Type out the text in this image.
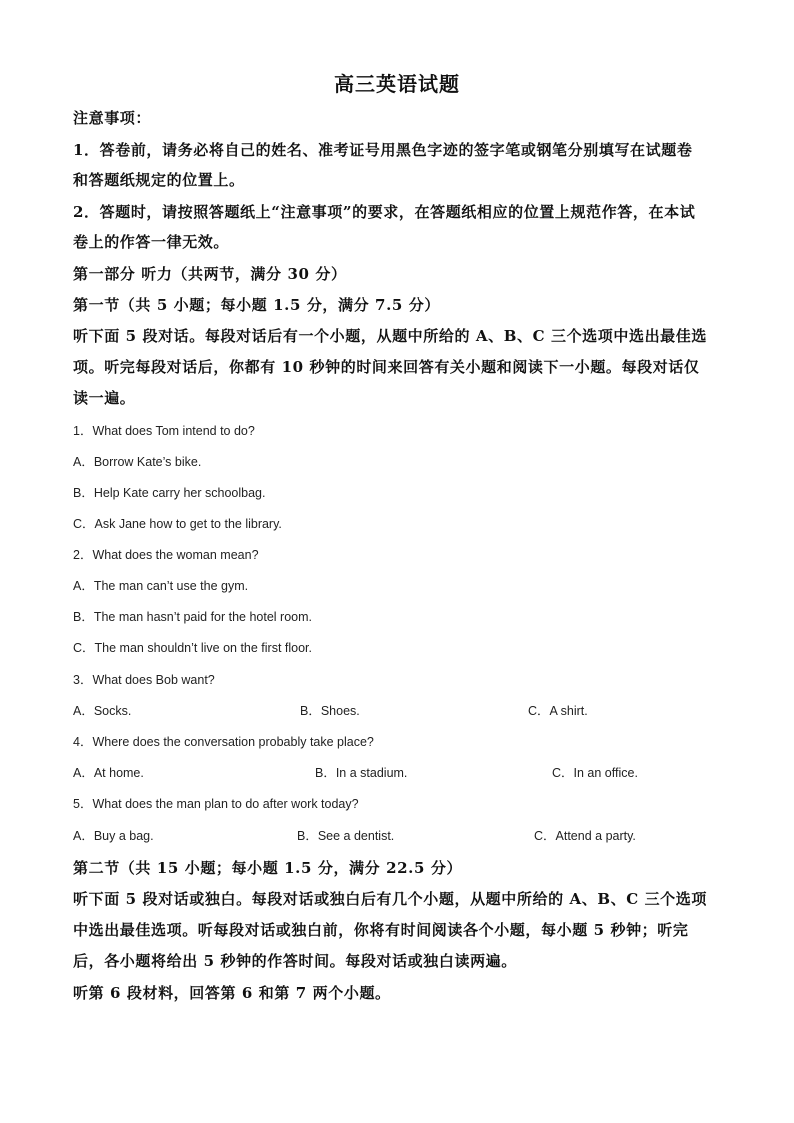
高三英语试题
注意事项：
1．答卷前，请务必将自己的姓名、准考证号用黑色字迹的签字笔或钢笔分别填写在试题卷
和答题纸规定的位置上。
2．答题时，请按照答题纸上“注意事项”的要求，在答题纸相应的位置上规范作答，在本试
卷上的作答一律无效。
第一部分 听力（共两节，满分 30 分）
第一节（共 5 小题；每小题 1.5 分，满分 7.5 分）
听下面 5 段对话。每段对话后有一个小题，从题中所给的 A、B、C 三个选项中选出最佳选
项。听完每段对话后，你都有 10 秒钟的时间来回答有关小题和阅读下一小题。每段对话仅
读一遍。
1．What does Tom intend to do?
A．Borrow Kate’s bike.
B．Help Kate carry her schoolbag.
C．Ask Jane how to get to the library.
2．What does the woman mean?
A．The man can’t use the gym.
B．The man hasn’t paid for the hotel room.
C．The man shouldn’t live on the first floor.
3．What does Bob want?
A．Socks.	B．Shoes.	C．A shirt.
4．Where does the conversation probably take place?
A．At home.	B．In a stadium.	C．In an office.
5．What does the man plan to do after work today?
A．Buy a bag.	B．See a dentist.	C．Attend a party.
第二节（共 15 小题；每小题 1.5 分，满分 22.5 分）
听下面 5 段对话或独白。每段对话或独白后有几个小题，从题中所给的 A、B、C 三个选项
中选出最佳选项。听每段对话或独白前，你将有时间阅读各个小题，每小题 5 秒钟；听完
后，各小题将给出 5 秒钟的作答时间。每段对话或独白读两遍。
听第 6 段材料，回答第 6 和第 7 两个小题。
